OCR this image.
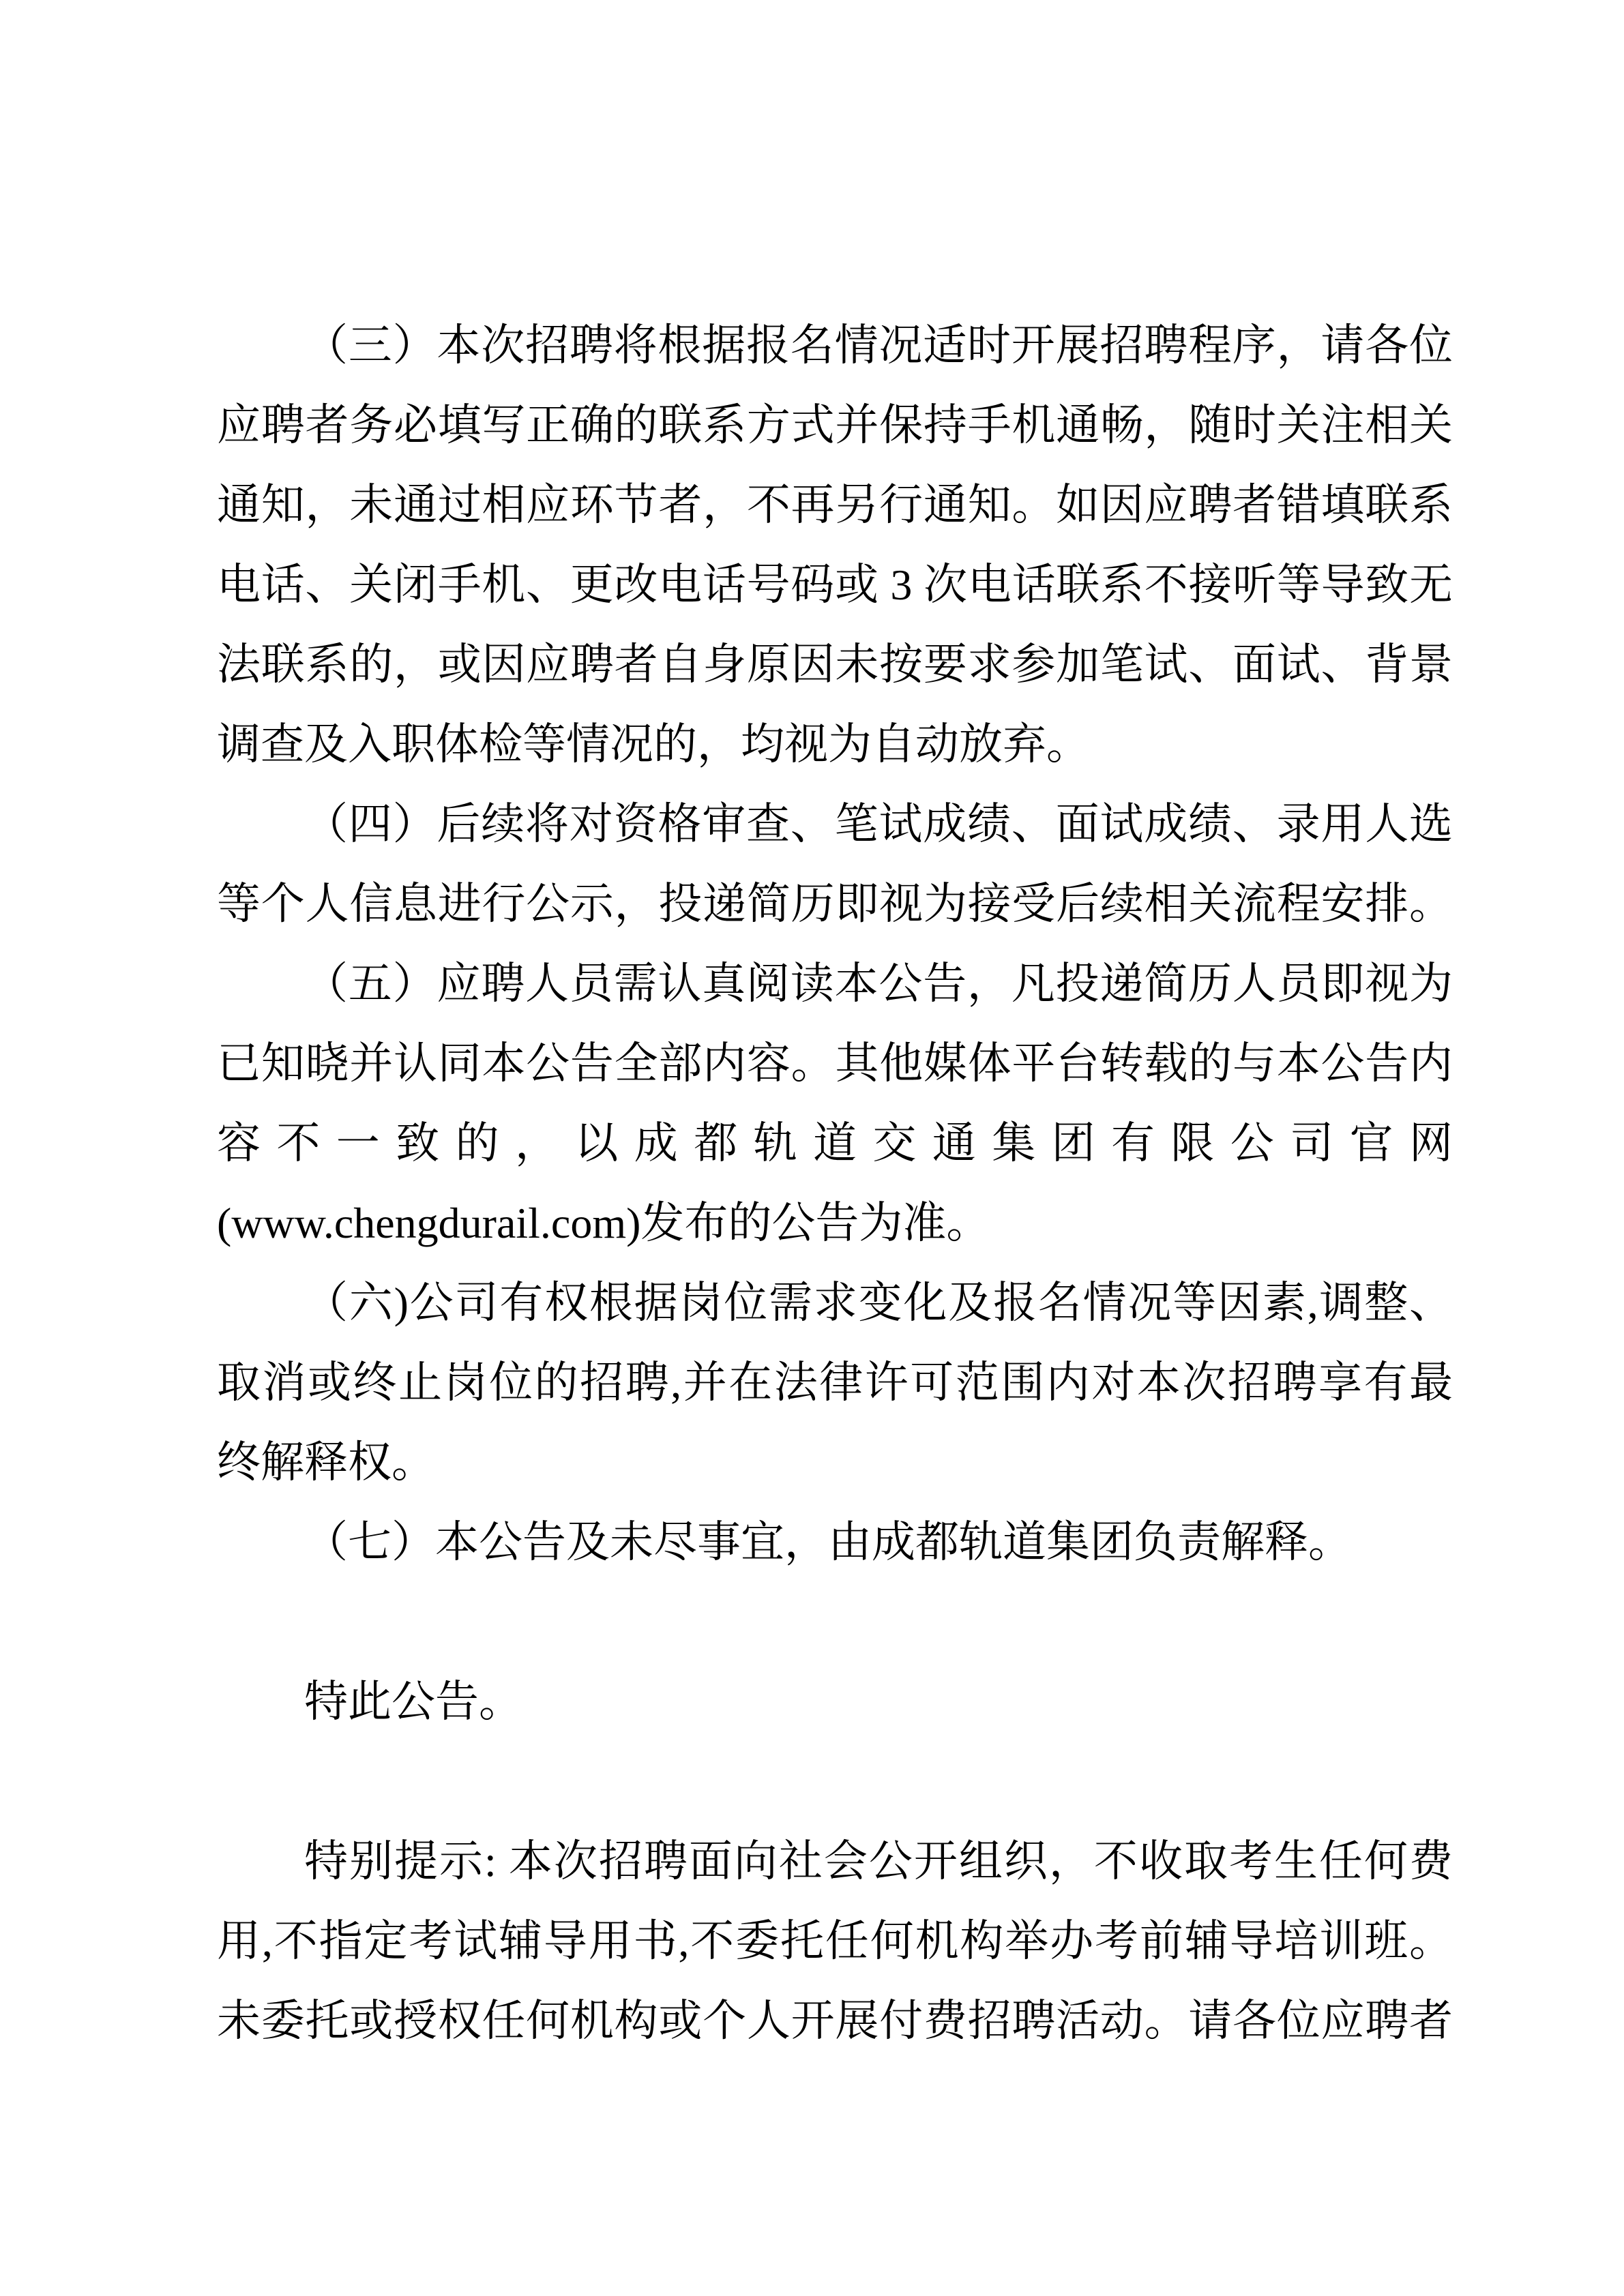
（三）本次招聘将根据报名情况适时开展招聘程序，请各位
应聘者务必填写正确的联系方式并保持手机通畅，随时关注相关
通知，未通过相应环节者，不再另行通知。如因应聘者错填联系
电话、关闭手机、更改电话号码或 3 次电话联系不接听等导致无
法联系的，或因应聘者自身原因未按要求参加笔试、面试、背景
调查及入职体检等情况的，均视为自动放弃。
（四）后续将对资格审查、笔试成绩、面试成绩、录用人选
等个人信息进行公示，投递简历即视为接受后续相关流程安排。
（五）应聘人员需认真阅读本公告，凡投递简历人员即视为
已知晓并认同本公告全部内容。其他媒体平台转载的与本公告内
容不一致的，以成都轨道交通集团有限公司官网
(www.chengdurail.com)发布的公告为准。
（六)公司有权根据岗位需求变化及报名情况等因素,调整、
取消或终止岗位的招聘,并在法律许可范围内对本次招聘享有最
终解释权。
（七）本公告及未尽事宜，由成都轨道集团负责解释。
特此公告。
特别提示: 本次招聘面向社会公开组织，不收取考生任何费
用,不指定考试辅导用书,不委托任何机构举办考前辅导培训班。
未委托或授权任何机构或个人开展付费招聘活动。请各位应聘者
